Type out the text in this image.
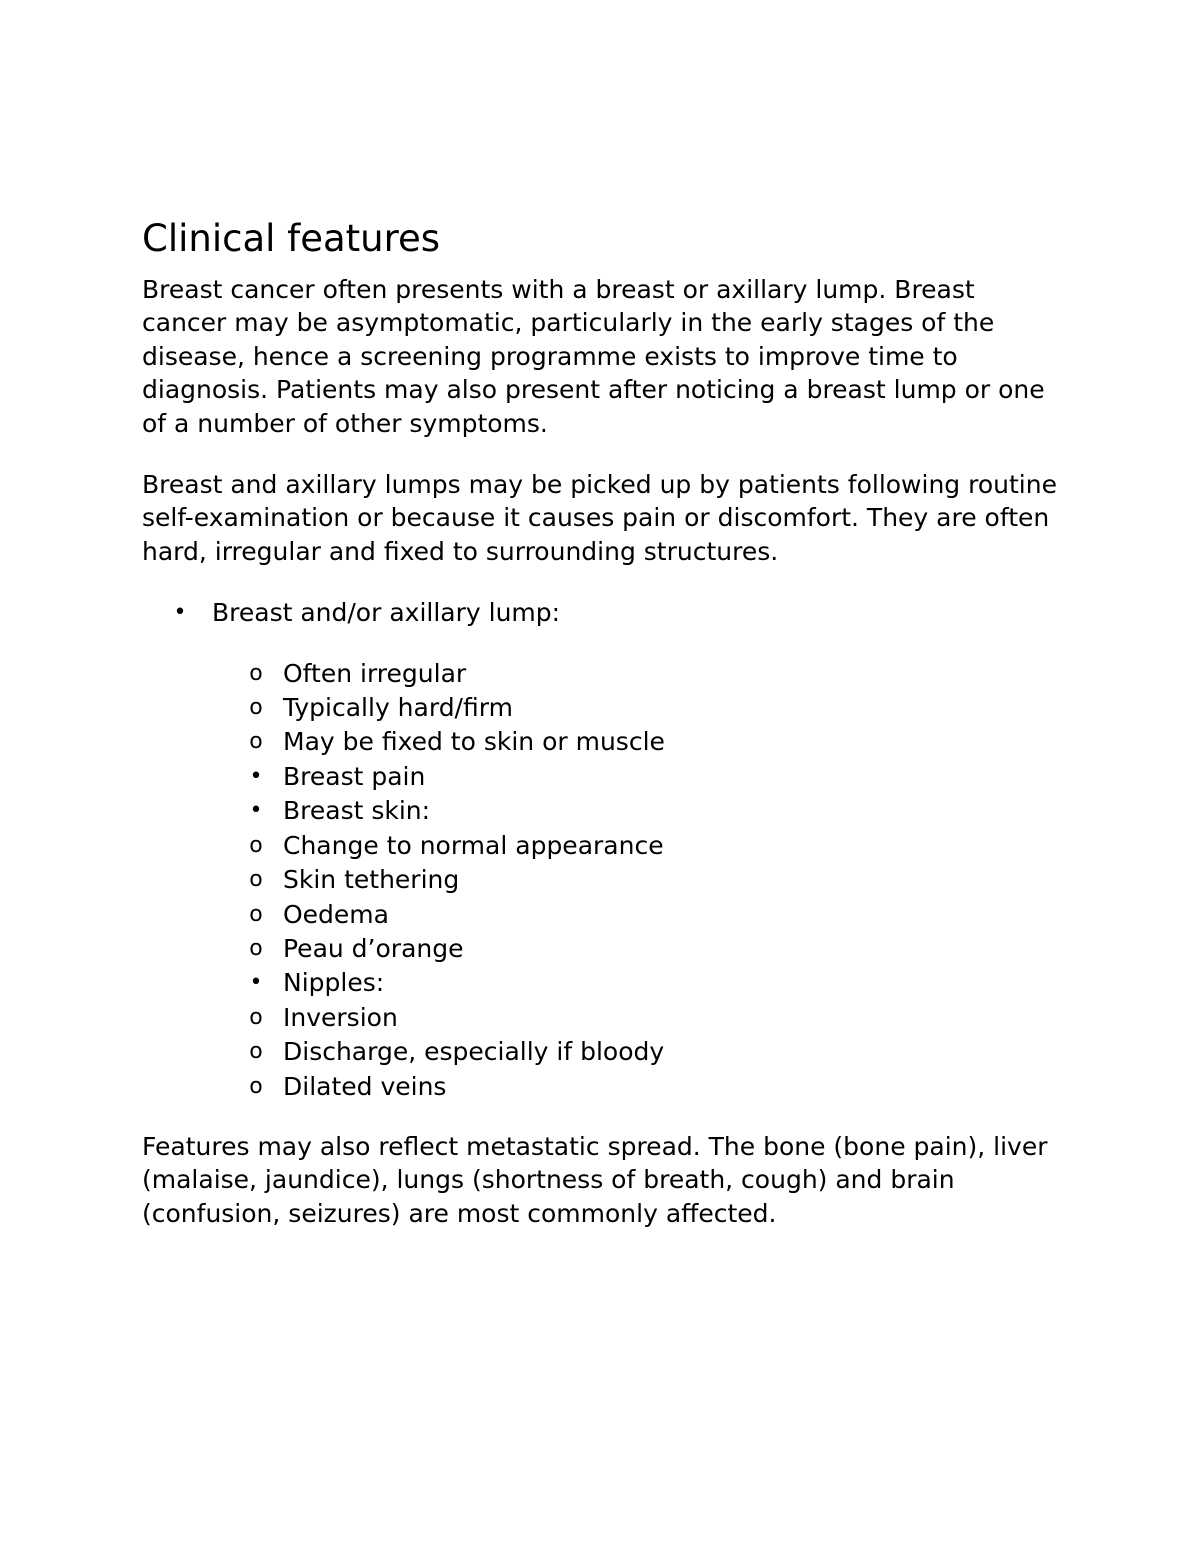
Clinical features

Breast cancer often presents with a breast or axillary lump. Breast cancer may be asymptomatic, particularly in the early stages of the disease, hence a screening programme exists to improve time to diagnosis. Patients may also present after noticing a breast lump or one of a number of other symptoms.

Breast and axillary lumps may be picked up by patients following routine self-examination or because it causes pain or discomfort. They are often hard, irregular and fixed to surrounding structures.

• Breast and/or axillary lump:
o Often irregular
o Typically hard/firm
o May be fixed to skin or muscle
• Breast pain
• Breast skin:
o Change to normal appearance
o Skin tethering
o Oedema
o Peau d’orange
• Nipples:
o Inversion
o Discharge, especially if bloody
o Dilated veins

Features may also reflect metastatic spread. The bone (bone pain), liver (malaise, jaundice), lungs (shortness of breath, cough) and brain (confusion, seizures) are most commonly affected.
